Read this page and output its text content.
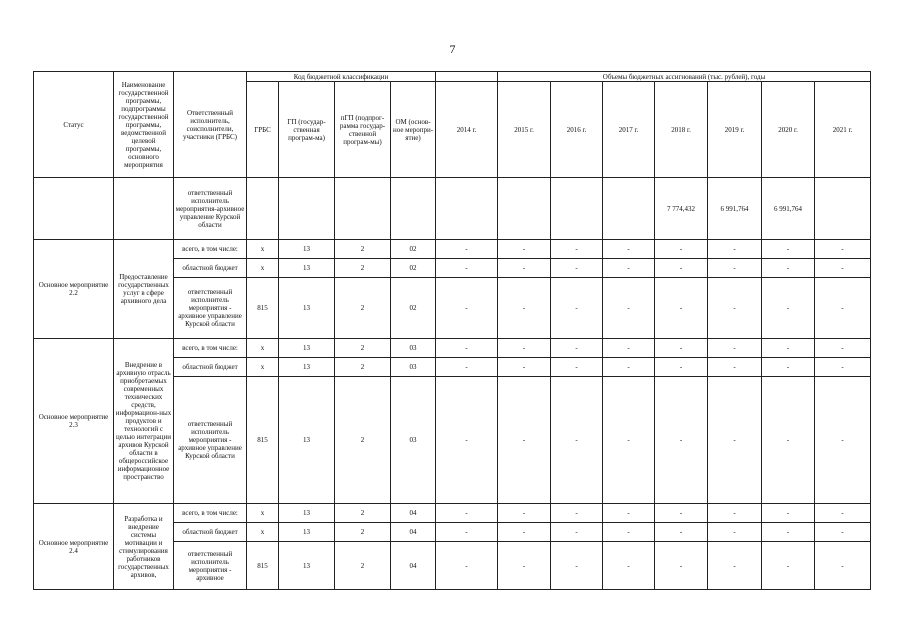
7
Статус	Наименование государственной программы, подпрограммы государственной программы, ведомственной целевой программы, основного мероприятия	Ответственный исполнитель, соисполнители, участники (ГРБС)	Код бюджетной классификации					Объемы бюджетных ассигнований (тыс. рублей), годы						
			ГРБС	ГП (государ-ственная програм-ма)	пГП (подпрог-рамма государ-ственной програм-мы)	ОМ (основ-ное меропри-ятие)	2014 г.	2015 г.	2016 г.	2017 г.	2018 г.	2019 г.	2020 г.	2021 г.
		ответственный исполнитель мероприятия-архивное управление Курской области									7 774,432	6 991,764	6 991,764	
Основное мероприятие 2.2	Предоставление государственных услуг в сфере архивного дела	всего, в том числе:	х	13	2	02	-	-	-	-	-	-	-	-
		областной бюджет	х	13	2	02	-	-	-	-	-	-	-	-
		ответственный исполнитель мероприятия - архивное управление Курской области	815	13	2	02	-	-	-	-	-	-	-	-
Основное мероприятие 2.3	Внедрение в архивную отрасль приобретаемых современных технических средств, информацион-ных продуктов и технологий с целью интеграции архивов Курской области в общероссийское информационное пространство	всего, в том числе:	х	13	2	03	-	-	-	-	-	-	-	-
		областной бюджет	х	13	2	03	-	-	-	-	-	-	-	-
		ответственный исполнитель мероприятия - архивное управление Курской области	815	13	2	03	-	-	-	-	-	-	-	-
Основное мероприятие 2.4	Разработка и внедрение системы мотивации и стимулирования работников государственных архивов,	всего, в том числе:	х	13	2	04	-	-	-	-	-	-	-	-
		областной бюджет	х	13	2	04	-	-	-	-	-	-	-	-
		ответственный исполнитель мероприятия - архивное	815	13	2	04	-	-	-	-	-	-	-	-
